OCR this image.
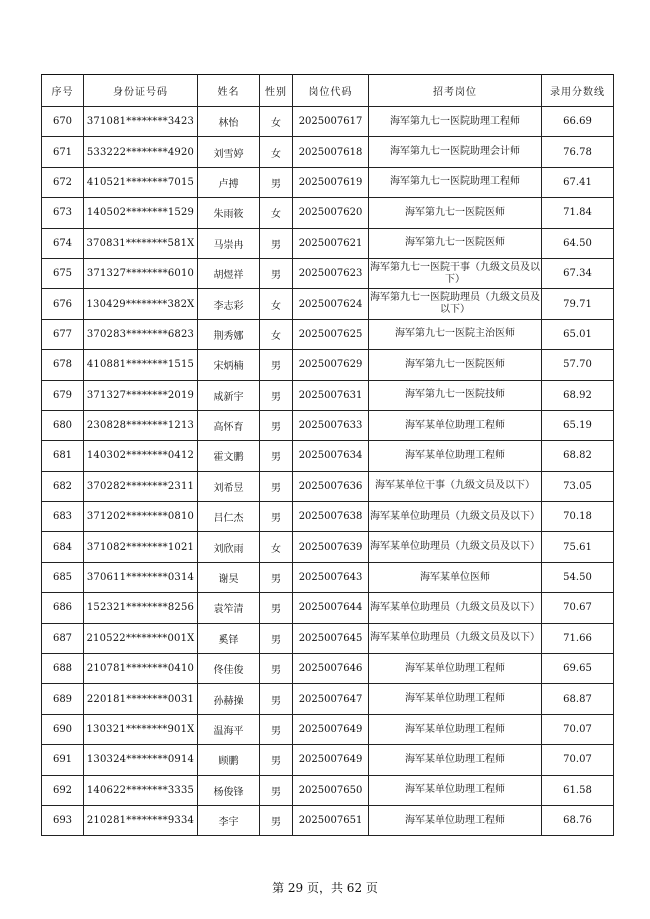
序号	身份证号码	姓名	性别	岗位代码	招考岗位	录用分数线
670	371081********3423	林怡	女	2025007617	海军第九七一医院助理工程师	66.69
671	533222********4920	刘雪婷	女	2025007618	海军第九七一医院助理会计师	76.78
672	410521********7015	卢搏	男	2025007619	海军第九七一医院助理工程师	67.41
673	140502********1529	朱雨筱	女	2025007620	海军第九七一医院医师	71.84
674	370831********581X	马崇冉	男	2025007621	海军第九七一医院医师	64.50
675	371327********6010	胡煜祥	男	2025007623	海军第九七一医院干事（九级文员及以下）	67.34
676	130429********382X	李志彩	女	2025007624	海军第九七一医院助理员（九级文员及以下）	79.71
677	370283********6823	荆秀娜	女	2025007625	海军第九七一医院主治医师	65.01
678	410881********1515	宋炳楠	男	2025007629	海军第九七一医院医师	57.70
679	371327********2019	咸新宇	男	2025007631	海军第九七一医院技师	68.92
680	230828********1213	高怀育	男	2025007633	海军某单位助理工程师	65.19
681	140302********0412	霍文鹏	男	2025007634	海军某单位助理工程师	68.82
682	370282********2311	刘希昱	男	2025007636	海军某单位干事（九级文员及以下）	73.05
683	371202********0810	吕仁杰	男	2025007638	海军某单位助理员（九级文员及以下）	70.18
684	371082********1021	刘欣雨	女	2025007639	海军某单位助理员（九级文员及以下）	75.61
685	370611********0314	谢昊	男	2025007643	海军某单位医师	54.50
686	152321********8256	袁笮清	男	2025007644	海军某单位助理员（九级文员及以下）	70.67
687	210522********001X	奚铎	男	2025007645	海军某单位助理员（九级文员及以下）	71.66
688	210781********0410	佟佳俊	男	2025007646	海军某单位助理工程师	69.65
689	220181********0031	孙赫操	男	2025007647	海军某单位助理工程师	68.87
690	130321********901X	温海平	男	2025007649	海军某单位助理工程师	70.07
691	130324********0914	顾鹏	男	2025007649	海军某单位助理工程师	70.07
692	140622********3335	杨俊锋	男	2025007650	海军某单位助理工程师	61.58
693	210281********9334	李宇	男	2025007651	海军某单位助理工程师	68.76
第 29 页，共 62 页
